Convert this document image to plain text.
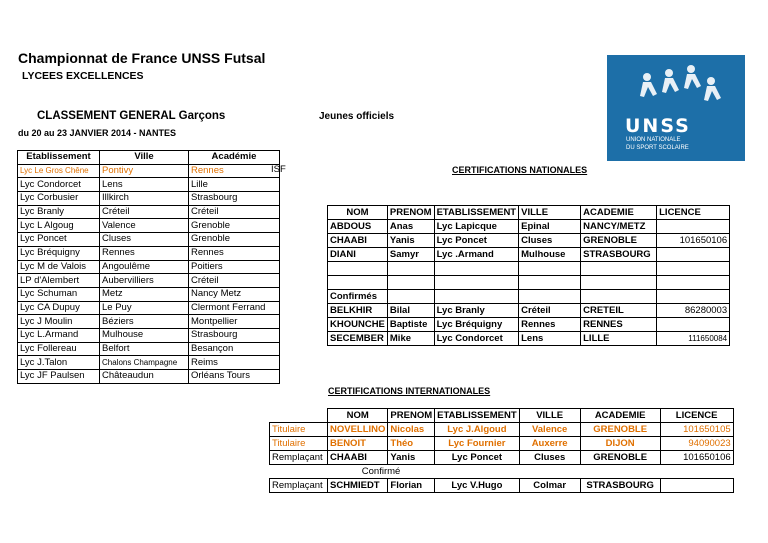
Championnat de France UNSS Futsal
LYCEES EXCELLENCES
CLASSEMENT GENERAL Garçons	Jeunes officiels
du 20 au 23 JANVIER 2014 - NANTES
ISF	CERTIFICATIONS NATIONALES
CERTIFICATIONS INTERNATIONALES
UNSS
UNION NATIONALE
DU SPORT SCOLAIRE
Etablissement	Ville	Académie
Lyc Le Gros Chêne	Pontivy	Rennes
Lyc Condorcet	Lens	Lille
Lyc Corbusier	Illkirch	Strasbourg
Lyc Branly	Créteil	Créteil
Lyc L Algoug	Valence	Grenoble
Lyc Poncet	Cluses	Grenoble
Lyc Bréquigny	Rennes	Rennes
Lyc M de Valois	Angoulême	Poitiers
LP d'Alembert	Aubervilliers	Créteil
Lyc Schuman	Metz	Nancy Metz
Lyc CA Dupuy	Le Puy	Clermont Ferrand
Lyc J Moulin	Béziers	Montpellier
Lyc L.Armand	Mulhouse	Strasbourg
Lyc Follereau	Belfort	Besançon
Lyc J.Talon	Chalons Champagne	Reims
Lyc JF Paulsen	Châteaudun	Orléans Tours
NOM	PRENOM	ETABLISSEMENT	VILLE	ACADEMIE	LICENCE
ABDOUS	Anas	Lyc Lapicque	Epinal	NANCY/METZ	
CHAABI	Yanis	Lyc Poncet	Cluses	GRENOBLE	101650106
DIANI	Samyr	Lyc .Armand	Mulhouse	STRASBOURG	

Confirmés					
BELKHIR	Bilal	Lyc Branly	Créteil	CRETEIL	86280003
KHOUNCHE	Baptiste	Lyc Bréquigny	Rennes	RENNES	
SECEMBER	Mike	Lyc Condorcet	Lens	LILLE	111650084
	NOM	PRENOM	ETABLISSEMENT	VILLE	ACADEMIE	LICENCE
Titulaire	NOVELLINO	Nicolas	Lyc J.Algoud	Valence	GRENOBLE	101650105
Titulaire	BENOIT	Théo	Lyc Fournier	Auxerre	DIJON	94090023
Remplaçant	CHAABI	Yanis	Lyc Poncet	Cluses	GRENOBLE	101650106
	Confirmé					
Remplaçant	SCHMIEDT	Florian	Lyc V.Hugo	Colmar	STRASBOURG	
